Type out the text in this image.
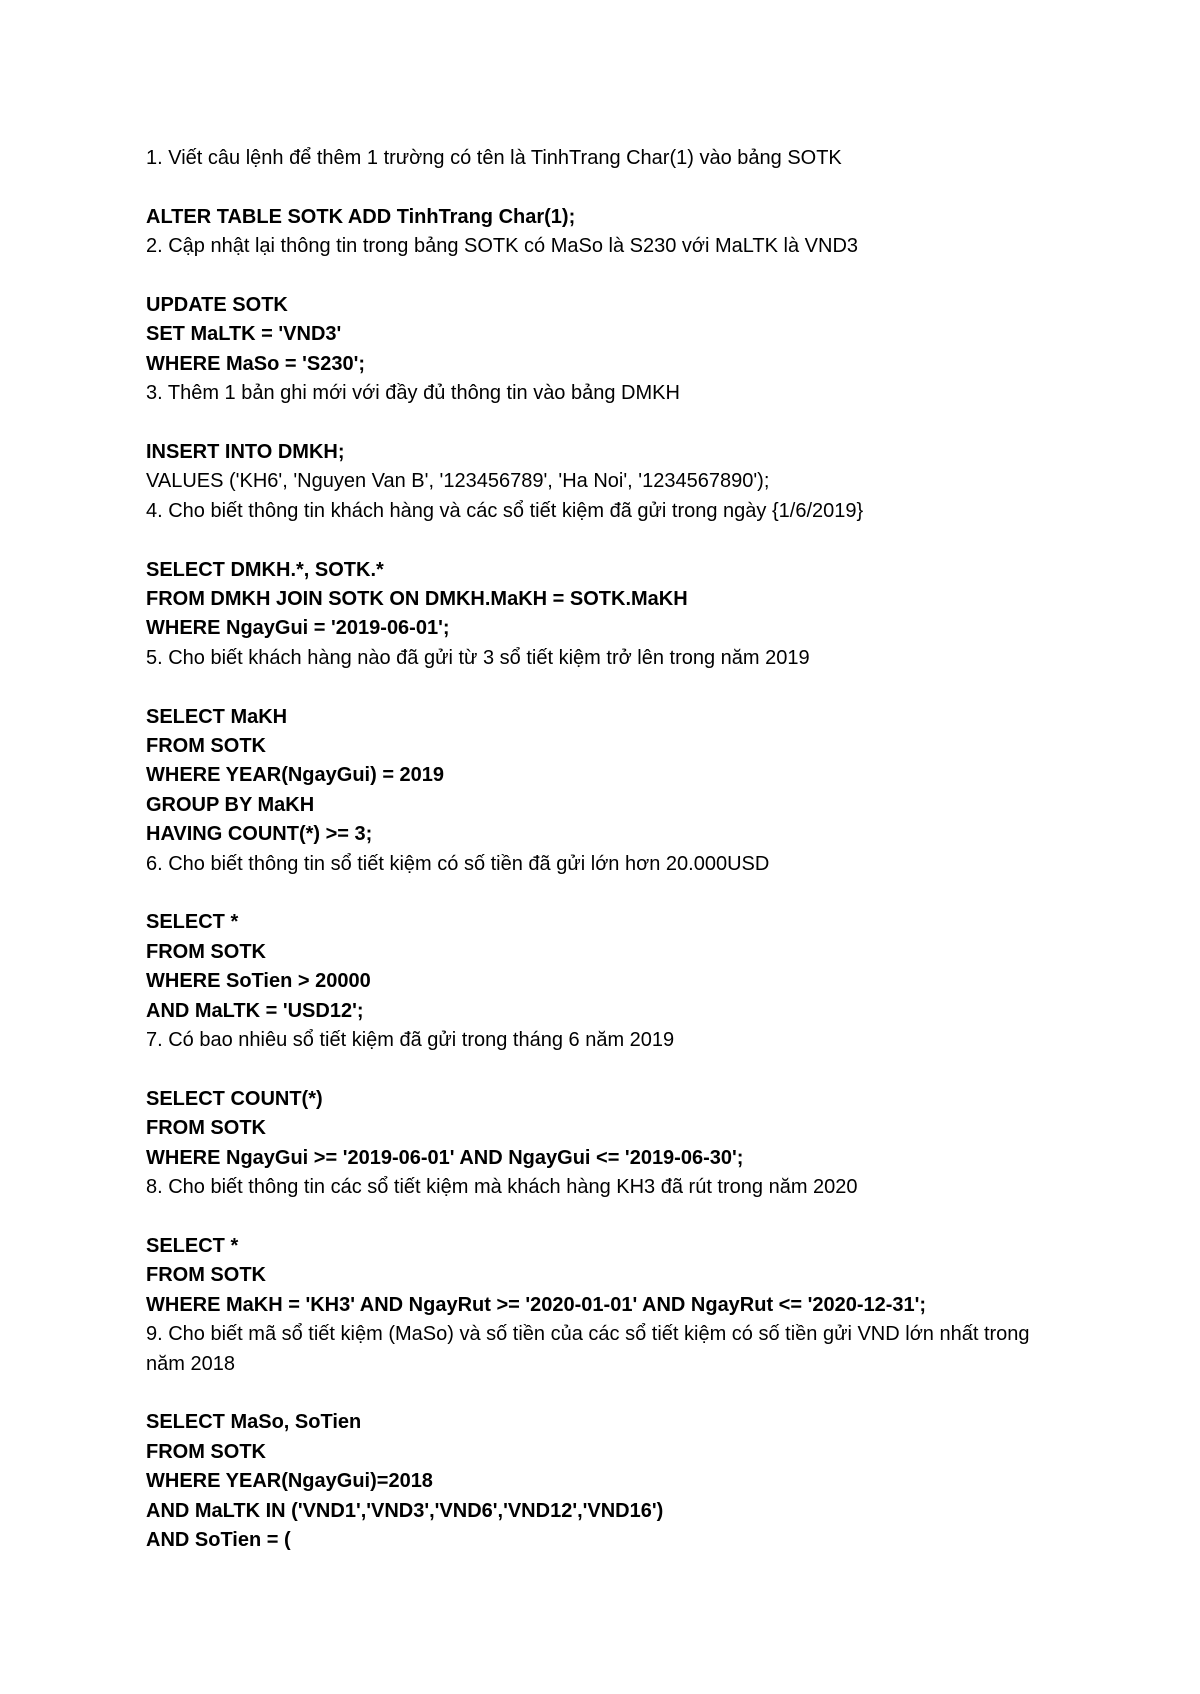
1. Viết câu lệnh để thêm 1 trường có tên là TinhTrang Char(1) vào bảng SOTK
ALTER TABLE SOTK ADD TinhTrang Char(1);
2. Cập nhật lại thông tin trong bảng SOTK có MaSo là S230 với MaLTK là VND3
UPDATE SOTK
SET MaLTK = 'VND3'
WHERE MaSo = 'S230';
3. Thêm 1 bản ghi mới với đầy đủ thông tin vào bảng DMKH
INSERT INTO DMKH;
VALUES ('KH6', 'Nguyen Van B', '123456789', 'Ha Noi', '1234567890');
4. Cho biết thông tin khách hàng và các sổ tiết kiệm đã gửi trong ngày {1/6/2019}
SELECT DMKH.*, SOTK.*
FROM DMKH JOIN SOTK ON DMKH.MaKH = SOTK.MaKH
WHERE NgayGui = '2019-06-01';
5. Cho biết khách hàng nào đã gửi từ 3 sổ tiết kiệm trở lên trong năm 2019
SELECT MaKH
FROM SOTK
WHERE YEAR(NgayGui) = 2019
GROUP BY MaKH
HAVING COUNT(*) >= 3;
6. Cho biết thông tin sổ tiết kiệm có số tiền đã gửi lớn hơn 20.000USD
SELECT *
FROM SOTK
WHERE SoTien > 20000
AND MaLTK = 'USD12';
7. Có bao nhiêu sổ tiết kiệm đã gửi trong tháng 6 năm 2019
SELECT COUNT(*)
FROM SOTK
WHERE NgayGui >= '2019-06-01' AND NgayGui <= '2019-06-30';
8. Cho biết thông tin các sổ tiết kiệm mà khách hàng KH3 đã rút trong năm 2020
SELECT *
FROM SOTK
WHERE MaKH = 'KH3' AND NgayRut >= '2020-01-01' AND NgayRut <= '2020-12-31';
9. Cho biết mã sổ tiết kiệm (MaSo) và số tiền của các sổ tiết kiệm có số tiền gửi VND lớn nhất trong năm 2018
SELECT MaSo, SoTien
FROM SOTK
WHERE YEAR(NgayGui)=2018
AND MaLTK IN ('VND1','VND3','VND6','VND12','VND16')
AND SoTien = (
